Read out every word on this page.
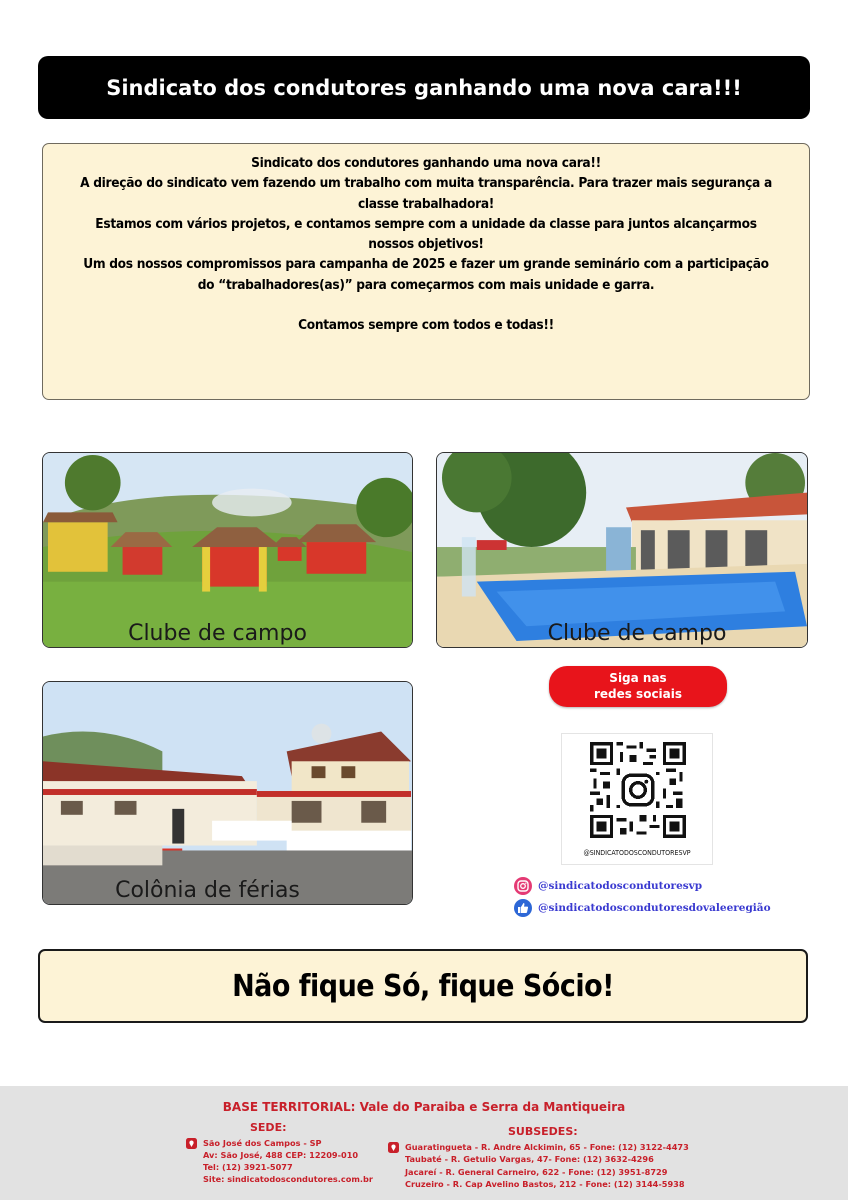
Sindicato dos condutores ganhando uma nova cara!!!

Sindicato dos condutores ganhando uma nova cara!!

A direção do sindicato vem fazendo um trabalho com muita transparência. Para trazer mais segurança a

classe trabalhadora!

Estamos com vários projetos, e contamos sempre com a unidade da classe para juntos alcançarmos

nossos objetivos!

Um dos nossos compromissos para campanha de 2025 e fazer um grande seminário com a participação

do “trabalhadores(as)” para começarmos com mais unidade e garra.

Contamos sempre com todos e todas!!

Clube de campo	Clube de campo
Colônia de férias
Siga nas
redes sociais
@SINDICATODOSCONDUTORESVP
@sindicatodoscondutoresvp
@sindicatodoscondutoresdovaleeregião
Não fique Só, fique Sócio!
BASE TERRITORIAL: Vale do Paraiba e Serra da Mantiqueira
SEDE:	SUBSEDES:
São José dos Campos - SP
Av: São José, 488 CEP: 12209-010
Tel: (12) 3921-5077
Site: sindicatodoscondutores.com.br
Guaratingueta - R. Andre Alckimin, 65 - Fone: (12) 3122-4473
Taubaté - R. Getulio Vargas, 47- Fone: (12) 3632-4296
Jacareí - R. General Carneiro, 622 - Fone: (12) 3951-8729
Cruzeiro - R. Cap Avelino Bastos, 212 - Fone: (12) 3144-5938
